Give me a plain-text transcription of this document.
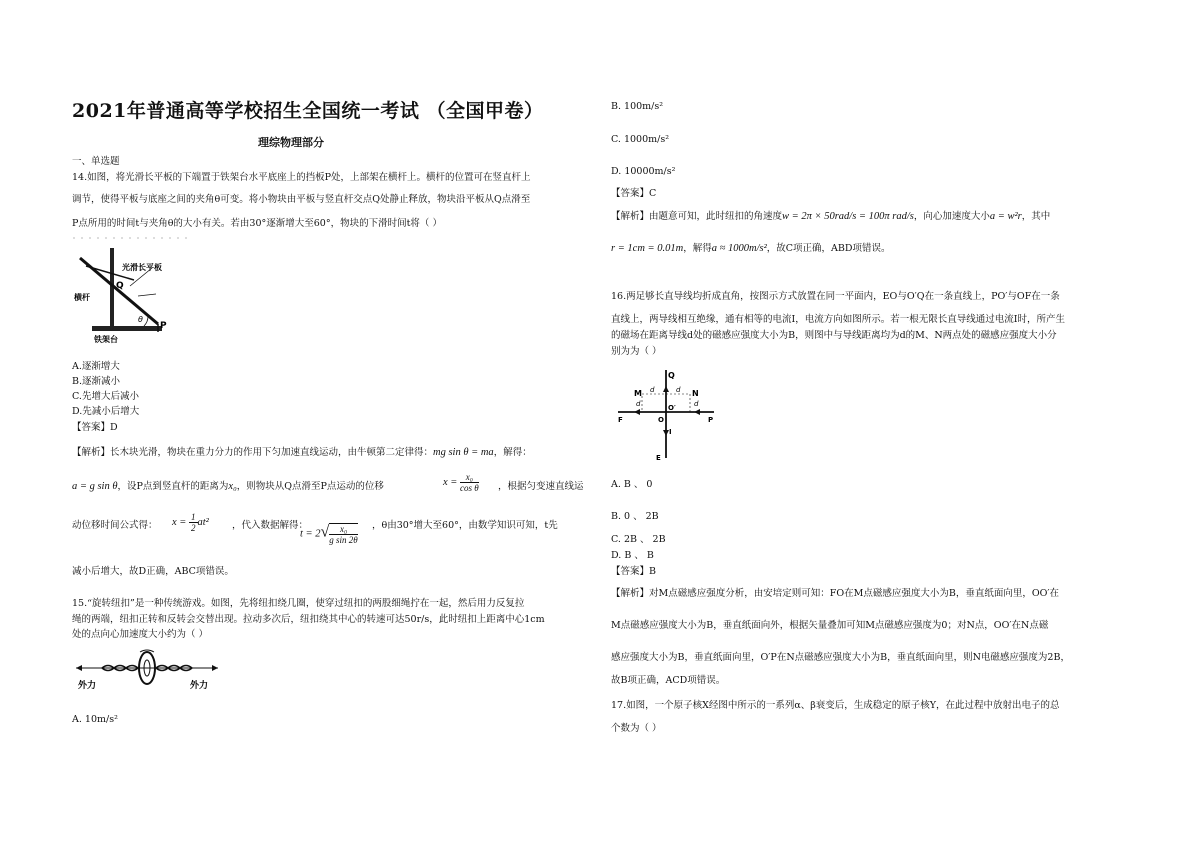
2021年普通高等学校招生全国统一考试 （全国甲卷）
理综物理部分
一、单选题
14.如图，将光滑长平板的下端置于铁架台水平底座上的挡板P处，上部架在横杆上。横杆的位置可在竖直杆上
调节，使得平板与底座之间的夹角θ可变。将小物块由平板与竖直杆交点Q处静止释放，物块沿平板从Q点滑至
P点所用的时间t与夹角θ的大小有关。若由30°逐渐增大至60°，物块的下滑时间t将（ ）
光滑长平板
Q
横杆
θ
P
铁架台
A.逐渐增大
B.逐渐减小
C.先增大后减小
D.先减小后增大
【答案】D
【解析】长木块光滑，物块在重力分力的作用下匀加速直线运动，由牛顿第二定律得：mg sin θ = ma，解得：
a = g sin θ，设P点到竖直杆的距离为x₀，则物块从Q点滑至P点运动的位移	$x = \frac{\text{x₀}}{\text{cos θ}}$ ，根据匀变速直线运
动位移时间公式得： $x = \frac{1}{2} at^2$ ，代入数据解得：
$t = 2√ \frac{\text{x₀}}{\text{g sin 2θ}}$ ，θ由30°增大至60°，由数学知识可知，t先
减小后增大，故D正确，ABC项错误。
15.“旋转纽扣”是一种传统游戏。如图，先将纽扣绕几圈，使穿过纽扣的两股细绳拧在一起，然后用力反复拉
绳的两端，纽扣正转和反转会交替出现。拉动多次后，纽扣绕其中心的转速可达50r/s，此时纽扣上距离中心1cm
处的点向心加速度大小约为（ ）
外力	外力
A. 10m/s²
B. 100m/s²
C. 1000m/s²
D. 10000m/s²
【答案】C
【解析】由题意可知，此时纽扣的角速度w = 2π × 50rad/s = 100π rad/s，向心加速度大小a = w²r，其中
r = 1cm = 0.01m，解得a ≈ 1000m/s²，故C项正确，ABD项错误。
16.两足够长直导线均折成直角，按图示方式放置在同一平面内，EO与O′Q在一条直线上，PO′与OF在一条
直线上，两导线相互绝缘，通有相等的电流I，电流方向如图所示。若一根无限长直导线通过电流I时，所产生
的磁场在距离导线d处的磁感应强度大小为B，则图中与导线距离均为d的M、N两点处的磁感应强度大小分
别为为（ ）
Q
M	N
d	d
d	d
O′
O
F	P
I
E
A. B 、 0
B. 0 、 2B
C. 2B 、 2B
D. B 、 B
【答案】B
【解析】对M点磁感应强度分析，由安培定则可知：FO在M点磁感应强度大小为B，垂直纸面向里，OO′在
M点磁感应强度大小为B，垂直纸面向外，根据矢量叠加可知M点磁感应强度为0；对N点，OO′在N点磁
感应强度大小为B，垂直纸面向里，O′P在N点磁感应强度大小为B，垂直纸面向里，则N电磁感应强度为2B，
故B项正确，ACD项错误。
17.如图，一个原子核X经图中所示的一系列α、β衰变后，生成稳定的原子核Y，在此过程中放射出电子的总
个数为（ ）
